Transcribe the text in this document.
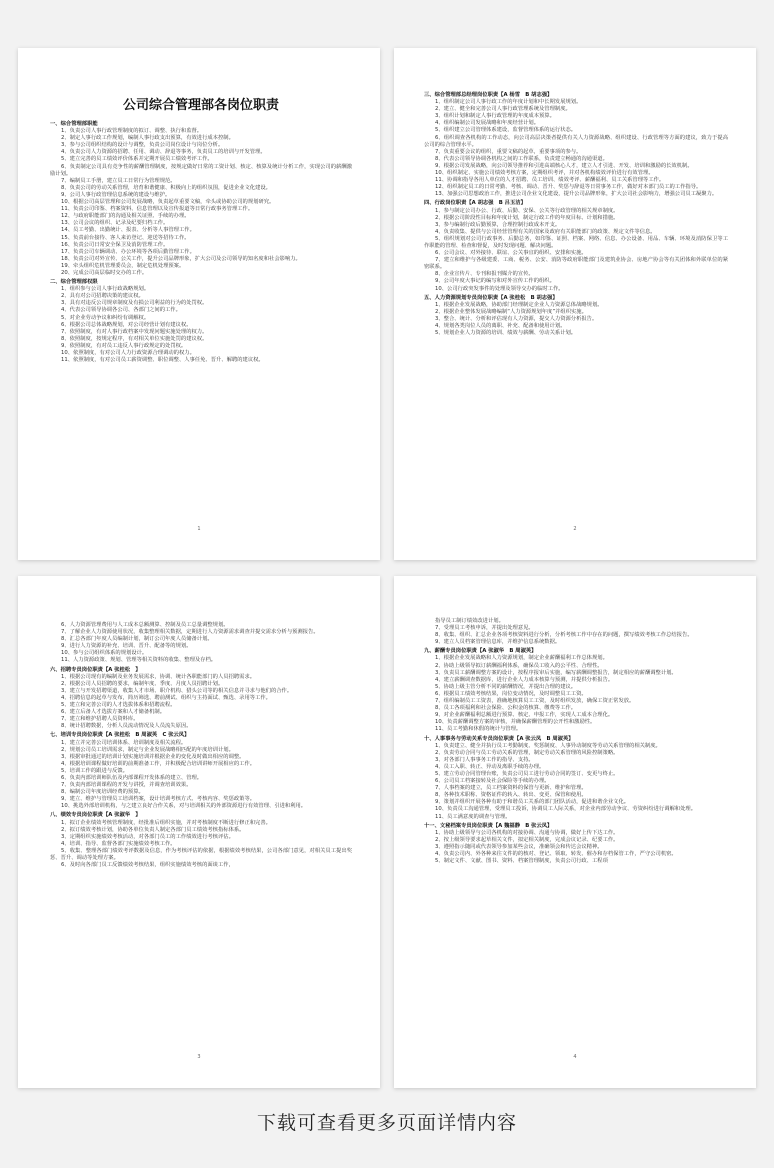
公司综合管理部各岗位职责

一、综合管理部职能

1、负责公司人事行政管理制度的拟订、调整、执行和监督。

2、制定人事行政工作规划，编制人事行政支出预算，有效进行成本控制。

3、参与公司组织结构的设计与调整，负责公司岗位设计与岗位分析。

4、负责公司人力资源的招聘、任用、调动、辞退等事务，负责员工的培训与开发管理。

5、建立完善的员工绩效评价体系并定期开展员工绩效考评工作。

6、负责制定公司具有竞争性的薪酬管理制度，按规定做好日常的工资计划、核定、核算及统计分析工作，实现公司的薪酬激励计划。

7、编制员工手册，建立员工日常行为管理规范。

8、负责公司的劳动关系管理，培育和谐健康、积极向上的组织氛围，促进企业文化建设。

9、公司人事行政管理信息系统的建设与维护。

10、根据公司高层管理和公司发展战略，负责起草重要文稿，牵头或协助公司的规划研究。

11、负责公司印鉴、档案资料、信息管理以及宣传报道等日常行政事务管理工作。

12、与政府职能部门的沟通及相关证照、手续的办理。

13、公司会议的组织、记录及纪要归档工作。

14、员工考勤、出勤统计、报表、分析等人事管理工作。

15、负责前台接待、客人来访登记、迎送等招待工作。

16、负责公司日常安全保卫及消防管理工作。

17、负责公司车辆调动、办公环境等各项后勤管理工作。

18、负责公司对外宣传、公关工作，提升公司品牌形象，扩大公司及公司领导的知名度和社会影响力。

19、牵头组织危机管理委员会，制定危机处理预案。

20、完成公司高层临时交办的工作。

二、综合管理部权限

1、组织参与公司人事行政战略规划。

2、具有对公司招聘决策的建议权。

3、具有对违反公司规章制度及有损公司利益的行为的处罚权。

4、代表公司领导协调各公司、各部门之间的工作。

5、对企业劳动争议和纠纷有调解权。

6、根据公司总体战略规划，对公司经营计划有建议权。

7、依照制度，有对人事行政档案中发现问题实施处理的权力。

8、依照制度，按规定程序，有对相关单位实施处罚的建议权。

9、依照制度，有对员工违反人事行政规定的处罚权。

10、依照制度，有对公司人力行政资源合理调动的权力。

11、依照制度，有对公司员工薪资调整、职位调整、人事任免、晋升、解聘的建议权。

1

三、综合管理部总经理岗位职责【A 杨雪　B 胡志强】

1、组织制定公司人事行政工作的年度计划和中长期发展规划。

2、建立、健全和完善公司人事行政管理系统及管理制度。

3、组织计划和制定人事行政管理的年度成本预算。

4、组织编制公司发展战略和年度经营计划。

5、组织建立公司管理体系建设，监督管理体系的运行状态。

6、组织调查各机构的工作动态，向公司高层决策者提供有关人力资源战略、组织建设、行政管理等方面的建议，致力于提高公司的综合管理水平。

7、负责重要会议的组织，重要文稿的起草，重要事项的参与。

8、代表公司领导协调各机构之间的工作联系，负责建立畅通的沟通渠道。

9、根据公司发展战略，向公司领导推荐和引进高端核心人才，建立人才引进、开发、培训和激励的长效机制。

10、组织制定、实施公司绩效考核方案，定期组织考评，并对各机构绩效评价进行有效管理。

11、协调和指导各用人单位的人才招聘、员工培训、绩效考评、薪酬福利、员工关系管理等工作。

12、组织制定员工的日常考勤、考核、调动、晋升、奖惩与辞退等日常事务工作，做好对本部门员工的工作指导。

13、加强公司思想政治工作，推进公司企业文化建设，提升公司品牌形象，扩大公司社会影响力，增强公司员工凝聚力。

四、行政岗位职责【A 胡志强　B 吕玉洁】

1、参与制定公司办公、行政、后勤、安保、公关等行政管理的相关规章制度。

2、根据公司阶段性目标和年度计划，制定行政工作的年度目标、计划和措施。

3、参与编制行政后勤预算，合理控制行政成本开支。

4、负责收集、提供与公司经营管理有关的国家及政府有关职能部门的政策、规定文件等信息。

5、组织规划对公司行政事务、后勤总务，如印鉴、证照、档案、网络、信息、办公设备、用品、车辆、环境及消防保卫等工作职能的管理、检查和督促，及时发现问题、解决问题。

6、公司会议、对外接待、联谊、公关事宜的组织、安排和实施。

7、建立和维护与各级建委、工商、税务、公安、消防等政府职能部门及建筑业协会、房地产协会等有关团体和外联单位的紧密联系。

8、企业宣传片、专刊和报刊媒介的宣传。

9、公司年度大事记的编写和对外宣传工作的组织。

10、公司行政突发事件的处理及领导交办的临时工作。

五、人力资源规划专员岗位职责【A 张桂松　B 胡志强】

1、根据企业发展战略，协助部门经理制定企业人力资源总体战略规划。

2、根据企业整体发展战略编制“人力资源规划年度”并组织实施。

3、整合、统计、分析和评估现有人力资源，提交人力资源分析报告。

4、规划各类岗位人员的离职、补充、配备和使用计划。

5、规划企业人力资源的培训、绩效与薪酬、劳动关系计划。

2

6、人力资源管理费用与人工成本总额测算、控制及员工总量调整规划。

7、了解企业人力资源使用状况，收集整理相关数据，定期进行人力资源需求调查并提交需求分析与预测报告。

8、汇总各部门年度人员编制计划，制订公司年度人员储备计划。

9、进行人力资源的补充、培训、晋升、配备等的规划。

10、参与公司组织体系的规划设计。

11、人力资源政策、规划、管理等相关资料的收集、整理及存档。

六、招聘专员岗位职责【A 张桂松　】

1、根据公司现有的编制及业务发展需求，协调、统计各职能部门的人员招聘需求。

2、根据公司人员招聘的要求，编制年度、季度、月度人员招聘计划。

3、建立与开发招聘渠道，收集人才市场、职介机构、猎头公司等的相关信息并寻求与他们的合作。

4、招聘信息的起草与发布，简历筛选、聘前测试、组织与主持面试、甄选、录用等工作。

5、建立和完善公司的人才选拔体系和招聘流程。

6、建立后备人才选拔方案和人才储备机制。

7、建立和维护招聘人员资料库。

8、统计招聘数据，分析人员流动情况及人员流失原因。

七、培训专员岗位职责【A 张桂松　B 周淑英　C 张云凤】

1、建立并完善公司培训体系、培训制度及相关流程。

2、规划公司员工培训需求，制定与企业发展战略相匹配的年度培训计划。

3、根据审批通过的培训计划实施培训并根据企业的变化及时做出相应的调整。

4、根据培训课程做好培训的前期准备工作，并积极配合培训讲师开展相应的工作。

5、培训工作的跟进与反馈。

6、负责内部培训师队伍及内部课程开发体系的建立、管理。

7、负责内部培训课程的开发与讲授，并调查培训效果。

8、编制公司年度培训经费的预算。

9、建立、维护与管理员工培训档案，设计培训考核方式、考核内容、奖惩政策等。

10、挑选外部培训机构，与之建立良好合作关系，对与培训相关的外部资源进行有效管理、引进和利用。

八、绩效专员岗位职责【A 张淑华　】

1、拟订企业绩效考核管理制度，经批准后组织实施，并对考核制度不断进行修正和完善。

2、拟订绩效考核计划，协助各单位负责人制定各部门员工绩效考核指标体系。

3、定期组织实施绩效考核活动，对各部门员工的工作绩效进行考核评估。

4、培训、指导、监督各部门实施绩效考核工作。

5、收集、整理各部门绩效考评数据及信息，作为考核评估的依据，根据绩效考核结果，公司各部门意见，对相关员工提出奖惩、晋升、调动等处理方案。

6、及时向各部门员工反馈绩效考核结果，组织实施绩效考核的面谈工作，

3

指导员工制订绩效改进计划。

7、受理员工考核申诉，并提出处理意见。

8、收集、组织、汇总企业各项考核资料进行分析，分析考核工作中存在的问题，撰写绩效考核工作总结报告。

9、建立人员档案管理信息库，并维护信息系统数据。

九、薪酬专员岗位职责【A 张淑华　B 周淑英】

1、根据企业发展战略和人力资源规划，制定企业薪酬福利工作总体规划。

2、协助上级领导拟订薪酬福利体系，确保员工收入的公平性、合理性。

3、负责员工薪酬调整方案的设计，按程序报审后实施，编写薪酬调整报告，制定相应的薪酬调整计划。

4、建立薪酬调查数据库，进行企业人力成本核算与预测，并提供分析报告。

5、协助上级主管分析不同的薪酬情况，并提出合理的建议。

6、根据员工绩效考核结果，岗位变动情况，及时调整员工工资。

7、组织编制员工工资表，准确地核算员工工资，及时组织发放，确保工资正常发放。

8、员工各项福利和社会保险、公积金的核算、缴费等工作。

9、对企业薪酬福利总额进行预算、核定、申报工作，实现人工成本合理化。

10、负责薪酬调整方案的审核，并确保薪酬管理的公开性和激励性。

11、员工考勤和休假的统计与管理。

十、人事事务与劳动关系专员岗位职责【A 张云凤　B 周淑英】

1、负责建立、健全并执行员工考勤制度、奖惩制度、人事异动制度等劳动关系管理的相关制度。

2、负责劳动合同与员工劳动关系的管理，制定劳动关系管理的风险控制策略。

3、对各部门人事事务工作的指导、支持。

4、员工入职、转正、异动及离职手续的办理。

5、建立劳动合同管理台账，负责公司员工进行劳动合同的签订、变更与终止。

6、公司员工档案接转及社会保险等手续的办理。

7、人事档案的建立，员工档案资料的保管与更新、维护和管理。

8、各种技术职称、资格证件的转入、转出、变更、保管和使用。

9、策划并组织开展各种有助于和谐员工关系的部门团队活动，促进和谐企业文化。

10、负责员工沟通管理，受理员工投诉，协调员工人际关系，对企业内部劳动争议、劳资纠纷进行调解和处理。

11、员工满意度的调查与管理。

十一、文秘档案专员岗位职责【A 魏福静　B 张云凤】

1、协助上级领导与公司各机构的对接协调、沟通与协调，做好上传下达工作。

2、按上级领导要求起草相关文件，拟定相关制度，完成会议记录、纪要工作。

3、遵照指示随同或代表领导参加某些会议，准确领会和传达会议精神。

4、负责公司内、外各种来往文件的的核对、登记、领取、转发、催办和存档保管工作，严守公司机密。

5、制定文件、文献、图书、资料、档案管理制度，负责公司行政、工程项

4
下载可查看更多页面详情内容
